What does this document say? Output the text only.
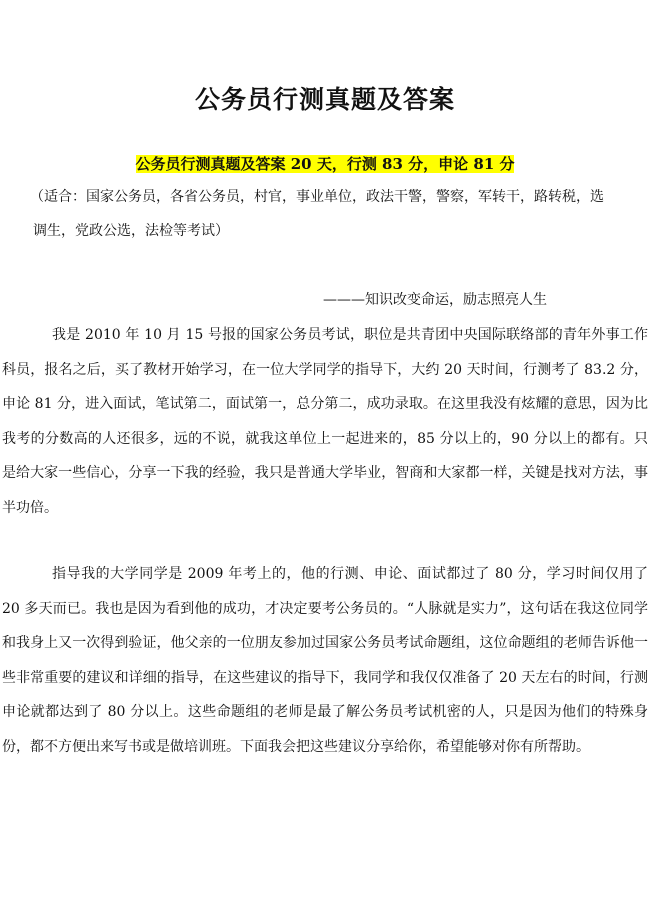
公务员行测真题及答案

公务员行测真题及答案 20 天，行测 83 分，申论 81 分

（适合：国家公务员，各省公务员，村官，事业单位，政法干警，警察，军转干，路转税，选
调生，党政公选，法检等考试）

———知识改变命运，励志照亮人生

我是 2010 年 10 月 15 号报的国家公务员考试，职位是共青团中央国际联络部的青年外事工作科员，报名之后，买了教材开始学习，在一位大学同学的指导下，大约 20 天时间，行测考了 83.2 分，申论 81 分，进入面试，笔试第二，面试第一，总分第二，成功录取。在这里我没有炫耀的意思，因为比我考的分数高的人还很多，远的不说，就我这单位上一起进来的，85 分以上的，90 分以上的都有。只是给大家一些信心，分享一下我的经验，我只是普通大学毕业，智商和大家都一样，关键是找对方法，事半功倍。

指导我的大学同学是 2009 年考上的，他的行测、申论、面试都过了 80 分，学习时间仅用了 20 多天而已。我也是因为看到他的成功，才决定要考公务员的。“人脉就是实力”，这句话在我这位同学和我身上又一次得到验证，他父亲的一位朋友参加过国家公务员考试命题组，这位命题组的老师告诉他一些非常重要的建议和详细的指导，在这些建议的指导下，我同学和我仅仅准备了 20 天左右的时间，行测申论就都达到了 80 分以上。这些命题组的老师是最了解公务员考试机密的人，只是因为他们的特殊身份，都不方便出来写书或是做培训班。下面我会把这些建议分享给你，希望能够对你有所帮助。
